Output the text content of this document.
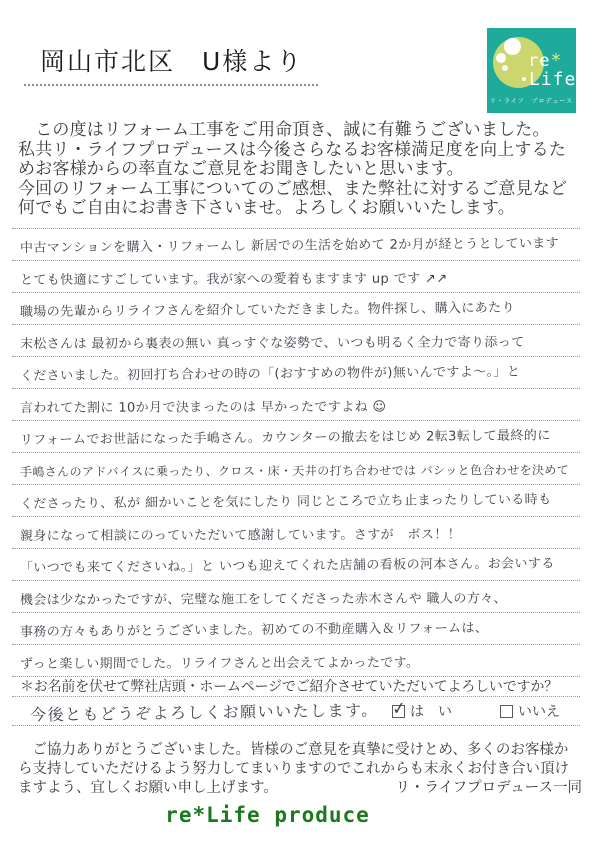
岡山市北区　U様より	re*
Life
リ・ライフ　プロデュース
　この度はリフォーム工事をご用命頂き、誠に有難うございました。
私共リ・ライフプロデュースは今後さらなるお客様満足度を向上するた
めお客様からの率直なご意見をお聞きしたいと思います。
今回のリフォーム工事についてのご感想、また弊社に対するご意見など
何でもご自由にお書き下さいませ。よろしくお願いいたします。
中古マンションを購入・リフォームし 新居での生活を始めて 2か月が経とうとしています
とても快適にすごしています。我が家への愛着もますます up です ↗↗
職場の先輩からリライフさんを紹介していただきました。物件探し、購入にあたり
末松さんは 最初から裏表の無い 真っすぐな姿勢で、いつも明るく全力で寄り添って
くださいました。初回打ち合わせの時の「(おすすめの物件が)無いんですよ〜。」と
言われてた割に 10か月で決まったのは 早かったですよね ☺
リフォームでお世話になった手嶋さん。カウンターの撤去をはじめ 2転3転して最終的に
手嶋さんのアドバイスに乗ったり、クロス・床・天井の打ち合わせでは バシッと色合わせを決めて
くださったり、私が 細かいことを気にしたり 同じところで立ち止まったりしている時も
親身になって相談にのっていただいて感謝しています。さすが　ボス！！
「いつでも来てくださいね。」と いつも迎えてくれた店舗の看板の河本さん。お会いする
機会は少なかったですが、完璧な施工をしてくださった赤木さんや 職人の方々、
事務の方々もありがとうございました。初めての不動産購入＆リフォームは、
ずっと楽しい期間でした。リライフさんと出会えてよかったです。
＊お名前を伏せて弊社店頭・ホームページでご紹介させていただいてよろしいですか？
今後ともどうぞよろしくお願いいたします。 ✓ は　い	いいえ
　ご協力ありがとうございました。皆様のご意見を真摯に受けとめ、多くのお客様か
ら支持していただけるよう努力してまいりますのでこれからも末永くお付き合い頂け
ますよう、宜しくお願い申し上げます。	リ・ライフプロデュース一同
re*Life produce
